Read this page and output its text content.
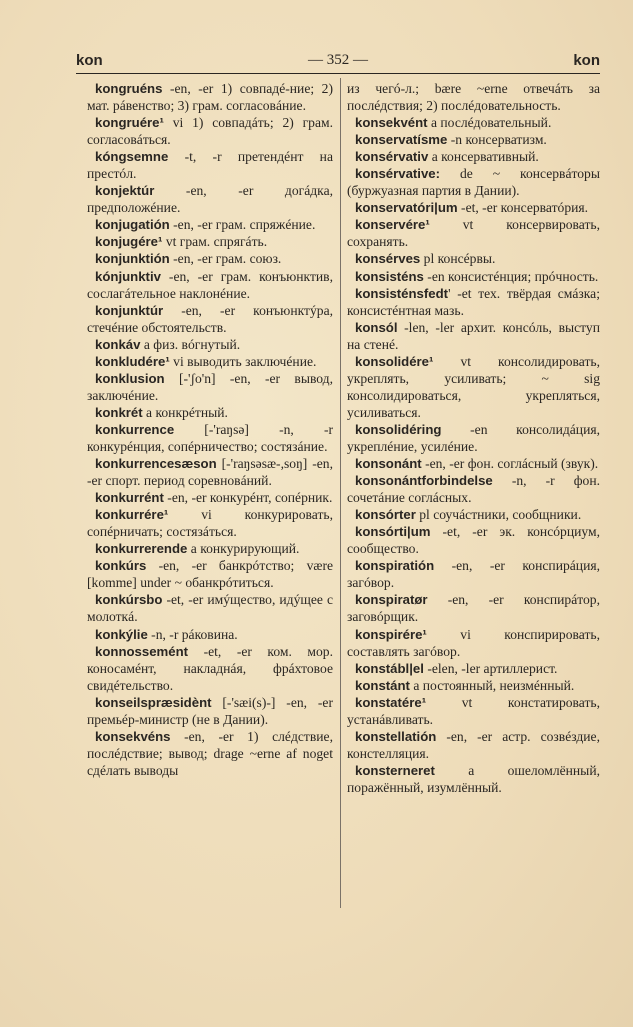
kon	— 352 —	kon
kongruéns -en, -er 1) совпадé-ние; 2) мат. рáвенство; 3) грам. согласовáние.
kongruére¹ vi 1) совпадáть; 2) грам. согласовáться.
kóngsemne -t, -r претендéнт на престóл.
konjektúr -en, -er догáдка, предположéние.
konjugatión -en, -er грам. спряжéние.
konjugére¹ vt грам. спрягáть.
konjunktión -en, -er грам. союз.
kónjunktiv -en, -er грам. конъюнктив, сослагáтельное наклонéние.
konjunktúr -en, -er конъюнктýра, стечéние обстоятельств.
konkáv a физ. вóгнутый.
konkludére¹ vi выводить заключéние.
konklusion [-'ʃo'n] -en, -er вывод, заключéние.
konkrét a конкрéтный.
konkurrence [-'raŋsə] -n, -r конкурéнция, сопéрничество; состязáние.
konkurrencesæson [-'raŋsəsæ-,soŋ] -en, -er спорт. период соревновáний.
konkurrént -en, -er конкурéнт, сопéрник.
konkurrére¹ vi конкурировать, сопéрничать; состязáться.
konkurrerende a конкурирующий.
konkúrs -en, -er банкрóтство; være [komme] under ~ обанкрóтиться.
konkúrsbo -et, -er имýщество, идýщее с молоткá.
konkýlie -n, -r рáковина.
konnossemént -et, -er ком. мор. коносамéнт, накладнáя, фрáхтовое свидéтельство.
konseilspræsidènt [-'sæi(s)-] -en, -er премьéр-министр (не в Дании).
konsekvéns -en, -er 1) слéдствие, послéдствие; вывод; drage ~erne af noget сдéлать выводы
из чегó-л.; bære ~erne отвечáть за послéдствия; 2) послéдовательность.
konsekvént a послéдовательный.
konservatísme -n консерватизм.
konsérvativ a консервативный.
konsérvative: de ~ консервáторы (буржуазная партия в Дании).
konservatóri|um -et, -er консерватóрия.
konservére¹ vt консервировать, сохранять.
konsérves pl консéрвы.
konsisténs -en консистéнция; прóчность.
konsisténsfedt' -et тех. твёрдая смáзка; консистéнтная мазь.
konsól -len, -ler архит. консóль, выступ на стенé.
konsolidére¹ vt консолидировать, укреплять, усиливать; ~ sig консолидироваться, укрепляться, усиливаться.
konsolidéring -en консолидáция, укреплéние, усилéние.
konsonánt -en, -er фон. соглáсный (звук).
konsonántforbindelse -n, -r фон. сочетáние соглáсных.
konsórter pl соучáстники, сообщники.
konsórti|um -et, -er эк. консóрциум, сообщество.
konspiratión -en, -er конспирáция, загóвор.
konspiratør -en, -er конспирáтор, заговóрщик.
konspirére¹ vi конспирировать, составлять загóвор.
konstábl|el -elen, -ler артиллерист.
konstánt a постоянный, неизмéнный.
konstatére¹ vt констатировать, устанáвливать.
konstellatión -en, -er астр. созвéздие, констелляция.
konsterneret a ошеломлённый, поражённый, изумлённый.
